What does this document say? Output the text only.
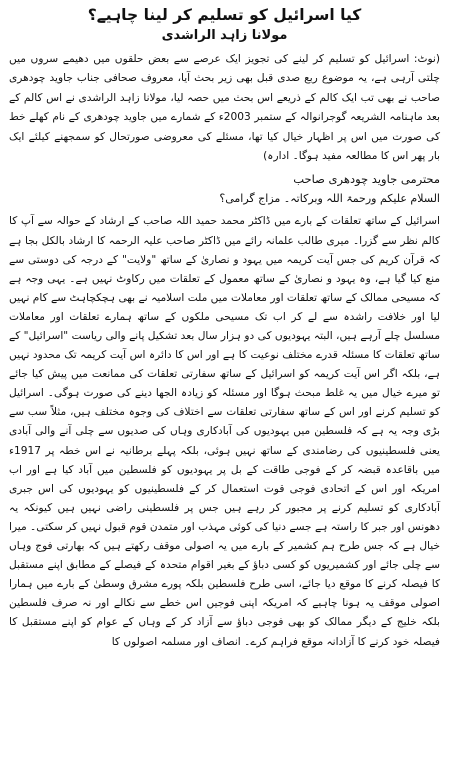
کیا اسرائیل کو تسلیم کر لینا چاہیے؟
مولانا زاہد الراشدی

(نوٹ: اسرائیل کو تسلیم کر لینے کی تجویز ایک عرصے سے بعض حلقوں میں دھیمے سروں میں چلتی آرہی ہے، یہ موضوع ربع صدی قبل بھی زیر بحث آیا، معروف صحافی جناب جاوید چودھری صاحب نے بھی تب ایک کالم کے ذریعے اس بحث میں حصہ لیا، مولانا زاہد الراشدی نے اس کالم کے بعد ماہنامہ الشریعہ گوجرانوالہ کے ستمبر 2003ء کے شمارے میں جاوید چودھری کے نام کھلے خط کی صورت میں اس پر اظہار خیال کیا تھا، مسئلے کی معروضی صورتحال کو سمجھنے کیلئے ایک بار پھر اس کا مطالعہ مفید ہوگا۔ ادارہ)

محترمی جاوید چودھری صاحب

السلام علیکم ورحمۃ اللہ وبرکاتہ۔ مزاج گرامی؟

اسرائیل کے ساتھ تعلقات کے بارے میں ڈاکٹر محمد حمید اللہ صاحب کے ارشاد کے حوالہ سے آپ کا کالم نظر سے گزرا۔ میری طالب علمانہ رائے میں ڈاکٹر صاحب علیہ الرحمہ کا ارشاد بالکل بجا ہے کہ قرآن کریم کی جس آیت کریمہ میں یہود و نصاریٰ کے ساتھ "ولایت" کے درجہ کی دوستی سے منع کیا گیا ہے، وہ یہود و نصاریٰ کے ساتھ معمول کے تعلقات میں رکاوٹ نہیں ہے۔ یہی وجہ ہے کہ مسیحی ممالک کے ساتھ تعلقات اور معاملات میں ملت اسلامیہ نے بھی ہچکچاہٹ سے کام نہیں لیا اور خلافت راشدہ سے لے کر اب تک مسیحی ملکوں کے ساتھ ہمارے تعلقات اور معاملات مسلسل چلے آرہے ہیں، البتہ یہودیوں کی دو ہزار سال بعد تشکیل پانے والی ریاست "اسرائیل" کے ساتھ تعلقات کا مسئلہ قدرے مختلف نوعیت کا ہے اور اس کا دائرہ اس آیت کریمہ تک محدود نہیں ہے، بلکہ اگر اس آیت کریمہ کو اسرائیل کے ساتھ سفارتی تعلقات کی ممانعت میں پیش کیا جائے تو میرے خیال میں یہ غلط مبحث ہوگا اور مسئلہ کو زیادہ الجھا دینے کی صورت ہوگی۔ اسرائیل کو تسلیم کرنے اور اس کے ساتھ سفارتی تعلقات سے اختلاف کی وجوہ مختلف ہیں، مثلاً سب سے بڑی وجہ یہ ہے کہ فلسطین میں یہودیوں کی آبادکاری وہاں کی صدیوں سے چلی آنے والی آبادی یعنی فلسطینیوں کی رضامندی کے ساتھ نہیں ہوئی، بلکہ پہلے برطانیہ نے اس خطہ پر 1917ء میں باقاعدہ قبضہ کر کے فوجی طاقت کے بل پر یہودیوں کو فلسطین میں آباد کیا ہے اور اب امریکہ اور اس کے اتحادی فوجی قوت استعمال کر کے فلسطینیوں کو یہودیوں کی اس جبری آبادکاری کو تسلیم کرنے پر مجبور کر رہے ہیں جس پر فلسطینی راضی نہیں ہیں کیونکہ یہ دھونس اور جبر کا راستہ ہے جسے دنیا کی کوئی مہذب اور متمدن قوم قبول نہیں کر سکتی۔ میرا خیال ہے کہ جس طرح ہم کشمیر کے بارے میں یہ اصولی موقف رکھتے ہیں کہ بھارتی فوج وہاں سے چلی جائے اور کشمیریوں کو کسی دباؤ کے بغیر اقوام متحدہ کے فیصلے کے مطابق اپنے مستقبل کا فیصلہ کرنے کا موقع دیا جائے، اسی طرح فلسطین بلکہ پورے مشرق وسطیٰ کے بارے میں ہمارا اصولی موقف یہ ہونا چاہیے کہ امریکہ اپنی فوجیں اس خطے سے نکالے اور نہ صرف فلسطین بلکہ خلیج کے دیگر ممالک کو بھی فوجی دباؤ سے آزاد کر کے وہاں کے عوام کو اپنے مستقبل کا فیصلہ خود کرنے کا آزادانہ موقع فراہم کرے۔ انصاف اور مسلمہ اصولوں کا
